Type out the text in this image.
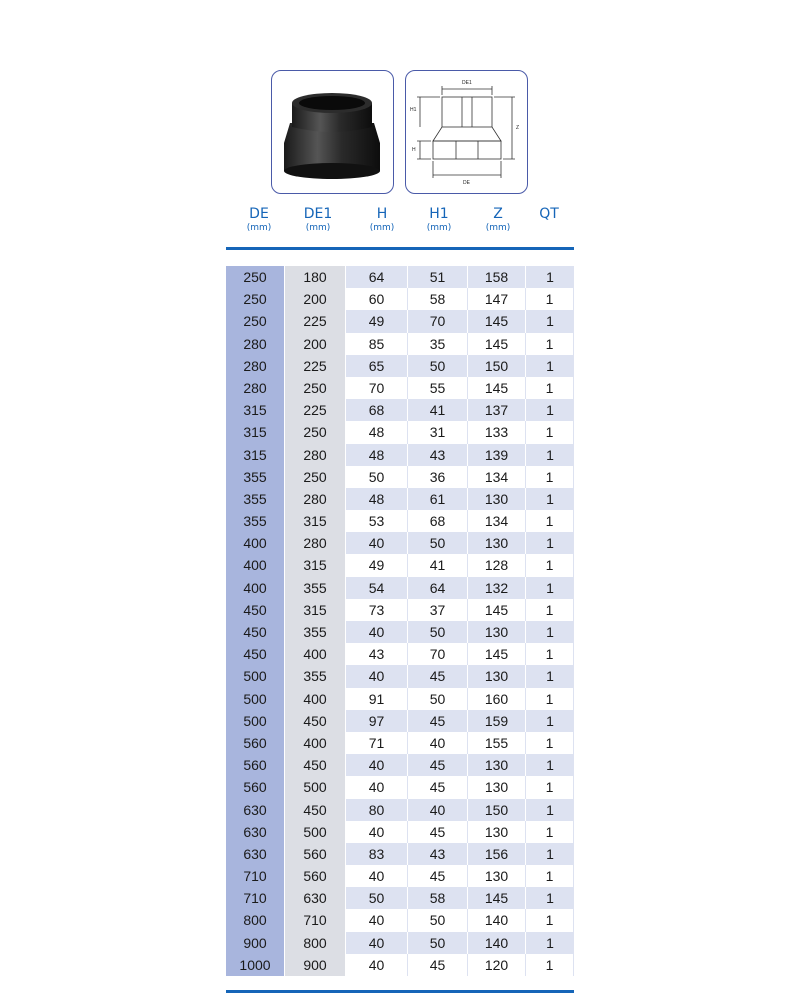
DE1
H1
H
Z
DE
DE
(mm)
DE1
(mm)
H
(mm)
H1
(mm)
Z
(mm)
QT
250	180	64	51	158	1
250	200	60	58	147	1
250	225	49	70	145	1
280	200	85	35	145	1
280	225	65	50	150	1
280	250	70	55	145	1
315	225	68	41	137	1
315	250	48	31	133	1
315	280	48	43	139	1
355	250	50	36	134	1
355	280	48	61	130	1
355	315	53	68	134	1
400	280	40	50	130	1
400	315	49	41	128	1
400	355	54	64	132	1
450	315	73	37	145	1
450	355	40	50	130	1
450	400	43	70	145	1
500	355	40	45	130	1
500	400	91	50	160	1
500	450	97	45	159	1
560	400	71	40	155	1
560	450	40	45	130	1
560	500	40	45	130	1
630	450	80	40	150	1
630	500	40	45	130	1
630	560	83	43	156	1
710	560	40	45	130	1
710	630	50	58	145	1
800	710	40	50	140	1
900	800	40	50	140	1
1000	900	40	45	120	1
